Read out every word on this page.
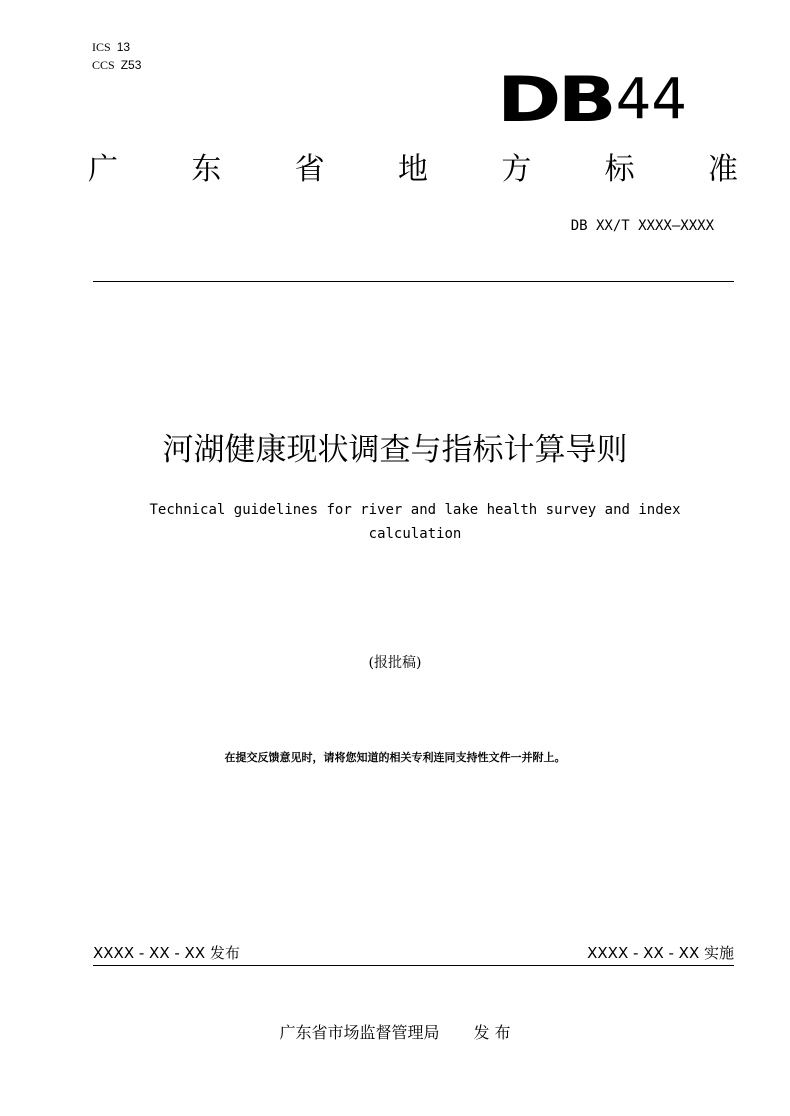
ICS 13
CCS Z53	DB 44
广 东 省 地 方 标 准
DB XX/T XXXX—XXXX
河湖健康现状调查与指标计算导则
Technical guidelines for river and lake health survey and index calculation
(报批稿)
在提交反馈意见时，请将您知道的相关专利连同支持性文件一并附上。
XXXX - XX - XX 发布	XXXX - XX - XX 实施
广东省市场监督管理局 发 布
